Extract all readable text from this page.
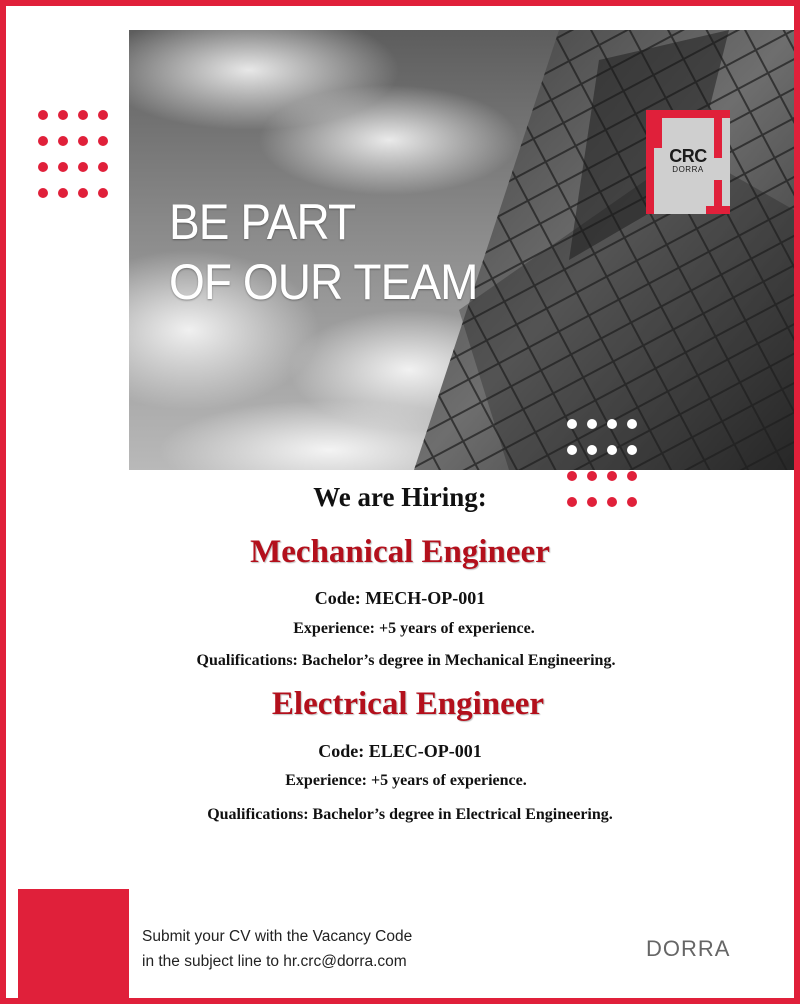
BE PART
OF OUR TEAM
CRC
DORRA
We are Hiring:
Mechanical Engineer
Code: MECH-OP-001
Experience: +5 years of experience.
Qualifications: Bachelor’s degree in Mechanical Engineering.
Electrical Engineer
Code: ELEC-OP-001
Experience: +5 years of experience.
Qualifications: Bachelor’s degree in Electrical Engineering.
Submit your CV with the Vacancy Code
in the subject line to hr.crc@dorra.com
DORRA
